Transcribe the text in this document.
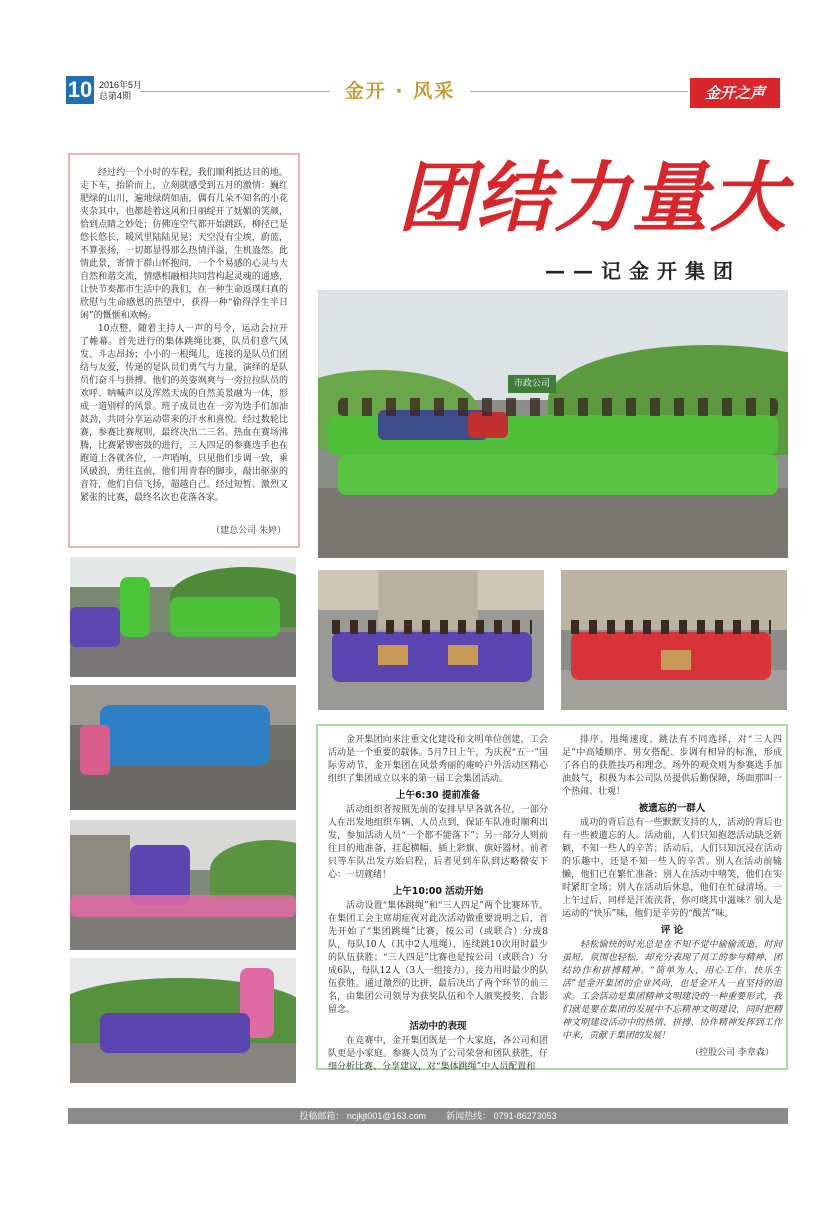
10 2016年5月
总第4期	金开 · 风采	金开之声

经过约一个小时的车程，我们顺利抵达目的地。走下车，抬阶而上，立刻就感受到五月的激情：巍红肥绿的山川，遍地绿荫如庙，偶有几朵不知名的小花夹杂其中，也都趁着这风和日丽绽开了妩媚的笑颜，恰到点睛之妙处；仿佛连空气都开始跳跃，柳径已是悠长悠长，暖风里陆陆见晃；天空没有尘埃，蔚蓝，不算张扬，一切都显得那么热情洋溢，生机盎然。此情此景，寄情于群山怀抱间，一个个易感的心灵与大自然和谐交流，情感相融相共同营构起灵魂的通感，让快节奏都市生活中的我们，在一种生命返璞归真的欣慰与生命感恩的热望中，获得一种“偷得浮生半日闲”的慨惬和欢畅。

10点整，随着主持人一声的号令，运动会拉开了帷幕。首先进行的集体跳绳比赛，队员们意气风发、斗志昂扬；小小的一根绳儿，连接的是队员们团结与友爱，传递的是队员们勇气与力量，演绎的是队员们奋斗与拼搏。他们的英姿飒爽与一旁拉拉队员的欢呼、呐喊声以及浑然天成的自然美景融为一体，形成一道别样的风景。班子成员也在一旁为选手们加油鼓劲，共同分享运动带来的汗水和喜悦。经过数轮比赛，参赛比赛规则，最终决出二三名。热血在赛场沸腾，比赛紧锣密鼓的进行，三人四足的参赛选手也在跑道上各就各位，一声哨响，只见他们步调一致，乘风破浪，勇往直前，他们用青春的脚步，敲出驱驱的音符，他们自信飞扬，超越自己。经过短暂、激烈又紧张的比赛，最终名次也花落各家。

（建总公司 朱婷）
团结力量大
——记金开集团
市政公司

金开集团向来注重文化建设和文明单位创建，工会活动是一个重要的载体。5月7日上午，为庆祝“五一”国际劳动节，金开集团在风景秀丽的庵岭户外活动区精心组织了集团成立以来的第一届工会集团活动。

上午6:30 提前准备

活动组织者按照先前的安排早早各就各位，一部分人在出发地组织车辆、人员点到，保证车队准时顺利出发，参加活动人员“一个都不能落下”；另一部分人则前往目的地准备，挂起横幅、插上彩旗、旗好器材。前者只等车队出发方始启程，后者见到车队到达略微安下心：一切就绪！

上午10:00 活动开始

活动设置“集体跳绳”和“三人四足”两个比赛环节。在集团工会主席胡症夜对此次活动做重要说明之后，首先开始了“集团跳绳”比赛，按公司（或联合）分成8队，每队10人（其中2人甩绳），连续跳10次用时最少的队伍获胜；“三人四足”比赛也是按公司（或联合）分成6队，每队12人（3人一组接力），接力用时最少的队伍获胜。通过激烈的比拼，最后决出了两个环节的前三名，由集团公司领导为获奖队伍和个人颁奖授奖、合影留念。

活动中的表现

在竞赛中，金开集团既是一个大家庭，各公司和团队更是小家庭。参赛人员为了公司荣誉和团队获胜，仔细分析比赛、分享建议，对“集体跳绳”中人员配置和

排序、甩绳速度、跳法有不同选择，对“三人四足”中高矮顺序、男女搭配、步调有相异的标准，形成了各自的获胜技巧和理念。场外的观众则为参赛选手加油鼓气，积极为本公司队员提供后勤保障，场面那叫一个热闹、壮观！

被遗忘的一群人

成功的背后总有一些默默支持的人，活动的背后也有一些被遗忘的人。活动前，人们只知抱怨活动缺乏新颖，不知一些人的辛苦；活动后，人们只知沉浸在活动的乐趣中，还是不知一些人的辛苦。别人在活动前输懒，他们已在繁忙准备；别人在活动中嘻笑，他们在实时紧盯全场；别人在活动后休息，他们在忙碌清场。一上午过后，同样是汗流浃背，你可晓其中滋味？别人是运动的“快乐”味，他们是辛劳的“酸苦”味。

评 论

轻松愉快的时光总是在不知不觉中偷偷流逝，时间虽短，氛围也轻松，却充分表现了员工的参与精神、团结协作和拼搏精神。“简单为人、用心工作、快乐生活”是金开集团的企业风尚，也是金开人一直坚持的追求。工会活动是集团精神文明建设的一种重要形式，我们就是要在集团的发展中不忘精神文明建设，同时把精神文明建设活动中的热情、拼搏、协作精神发挥到工作中来，贡献于集团的发展！

（控股公司 李章森）
投稿邮箱： ncjkjt001@163.com 新闻热线： 0791-86273053
